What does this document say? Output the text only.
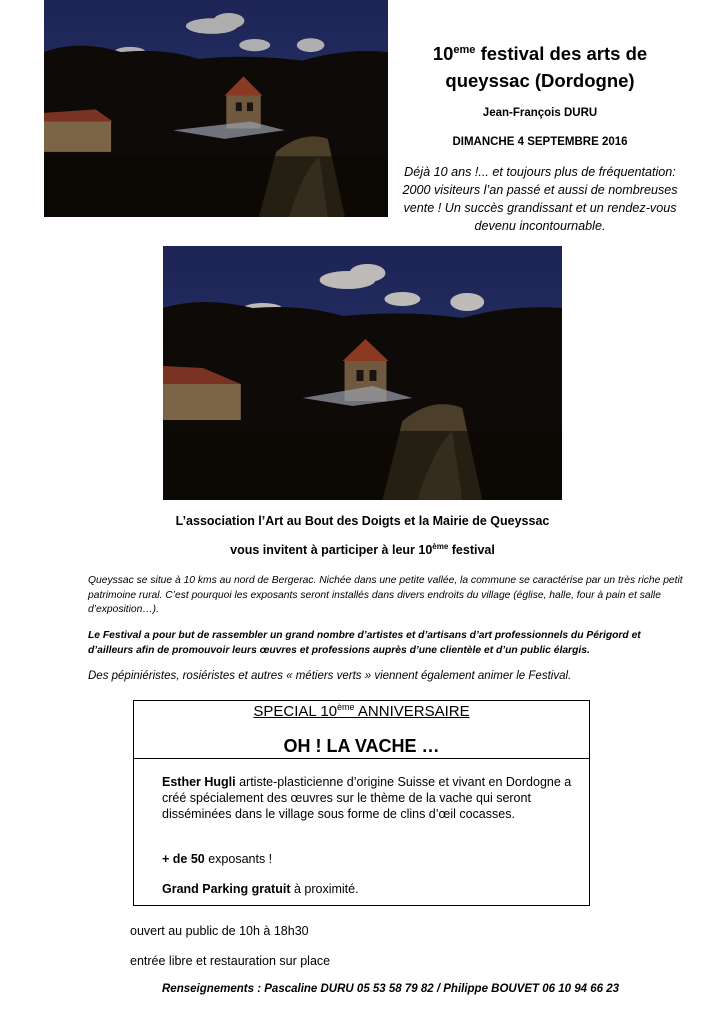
10eme festival des arts de
queyssac (Dordogne)
Jean-François DURU
DIMANCHE 4 SEPTEMBRE 2016
Déjà 10 ans !... et toujours plus de fréquentation: 2000 visiteurs l’an passé et aussi de nombreuses vente ! Un succès grandissant et un rendez-vous devenu incontournable.
L’association l’Art au Bout des Doigts et la Mairie de Queyssac
vous invitent à participer à leur 10ème festival
Queyssac se situe à 10 kms au nord de Bergerac. Nichée dans une petite vallée, la commune se caractérise par un très riche petit patrimoine rural. C’est pourquoi les exposants seront installés dans divers endroits du village (église, halle, four à pain et salle d’exposition…).
Le Festival a pour but de rassembler un grand nombre d’artistes et d’artisans d’art professionnels du Périgord et d’ailleurs afin de promouvoir leurs œuvres et professions auprès d’une clientèle et d’un public élargis.
Des pépiniéristes, rosiéristes et autres « métiers verts » viennent également animer le Festival.
SPECIAL 10ème ANNIVERSAIRE
OH ! LA VACHE …
Esther Hugli artiste-plasticienne d’origine Suisse et vivant en Dordogne a créé spécialement des œuvres sur le thème de la vache qui seront disséminées dans le village sous forme de clins d’œil cocasses.
+ de 50 exposants !
Grand Parking gratuit à proximité.
ouvert au public de 10h à 18h30
entrée libre et restauration sur place
Renseignements : Pascaline DURU 05 53 58 79 82 / Philippe BOUVET 06 10 94 66 23
